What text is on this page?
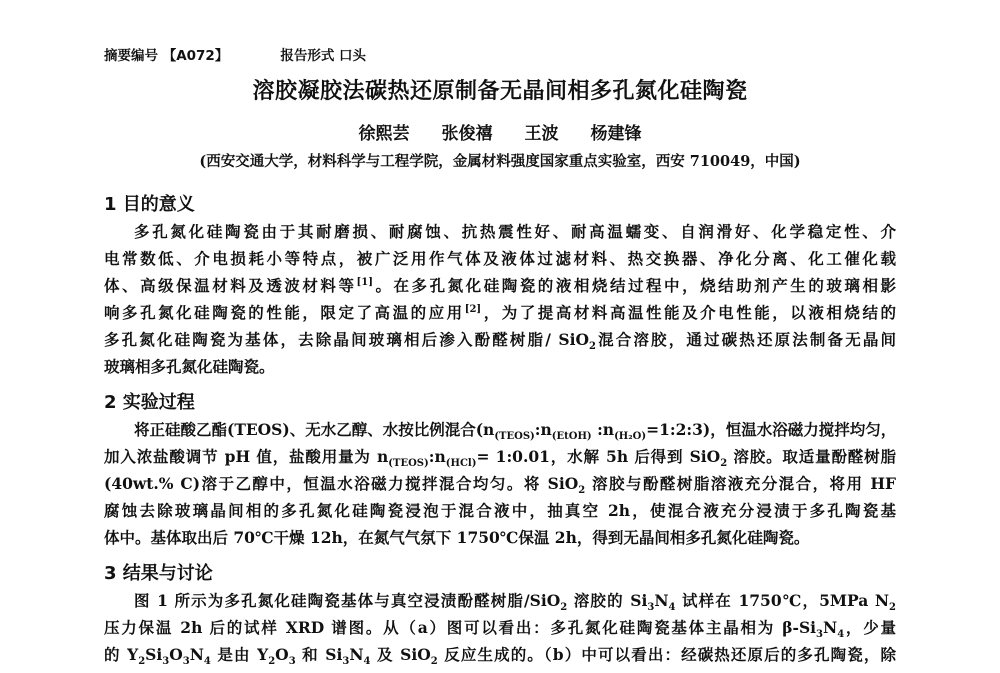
摘要编号 【A072】	报告形式 口头
溶胶凝胶法碳热还原制备无晶间相多孔氮化硅陶瓷
徐熙芸 张俊禧 王波 杨建锋
(西安交通大学，材料科学与工程学院，金属材料强度国家重点实验室，西安 710049，中国)
1 目的意义
多孔氮化硅陶瓷由于其耐磨损、耐腐蚀、抗热震性好、耐高温蠕变、自润滑好、化学稳定性、介
电常数低、介电损耗小等特点，被广泛用作气体及液体过滤材料、热交换器、净化分离、化工催化载
体、高级保温材料及透波材料等[1]。在多孔氮化硅陶瓷的液相烧结过程中，烧结助剂产生的玻璃相影
响多孔氮化硅陶瓷的性能，限定了高温的应用[2]，为了提高材料高温性能及介电性能，以液相烧结的
多孔氮化硅陶瓷为基体，去除晶间玻璃相后渗入酚醛树脂/ SiO$_2$混合溶胶，通过碳热还原法制备无晶间
玻璃相多孔氮化硅陶瓷。
2 实验过程
将正硅酸乙酯(TEOS)、无水乙醇、水按比例混合($n_{(TEOS)}:n_{(EtOH)}$ $:n_{(H_2O)}=1:2:3$)，恒温水浴磁力搅拌均匀，
加入浓盐酸调节 pH 值，盐酸用量为 $n_{(TEOS)}:n_{(HCl)}=$ 1:0.01，水解 5h 后得到 SiO$_2$ 溶胶。取适量酚醛树脂
(40wt.% C)溶于乙醇中，恒温水浴磁力搅拌混合均匀。将 SiO$_2$ 溶胶与酚醛树脂溶液充分混合，将用 HF
腐蚀去除玻璃晶间相的多孔氮化硅陶瓷浸泡于混合液中，抽真空 2h，使混合液充分浸渍于多孔陶瓷基
体中。基体取出后 70℃干燥 12h，在氮气气氛下 1750℃保温 2h，得到无晶间相多孔氮化硅陶瓷。
3 结果与讨论
图 1 所示为多孔氮化硅陶瓷基体与真空浸渍酚醛树脂/SiO$_2$ 溶胶的 $Si_3N_4$ 试样在 1750℃，5MPa $N_2$
压力保温 2h 后的试样 XRD 谱图。从（a）图可以看出：多孔氮化硅陶瓷基体主晶相为 $\beta-Si_3N_4$，少量
的 $Y_2Si_3O_3N_4$ 是由 $Y_2O_3$ 和 $Si_3N_4$ 及 SiO$_2$ 反应生成的。（b）中可以看出：经碳热还原后的多孔陶瓷，除
